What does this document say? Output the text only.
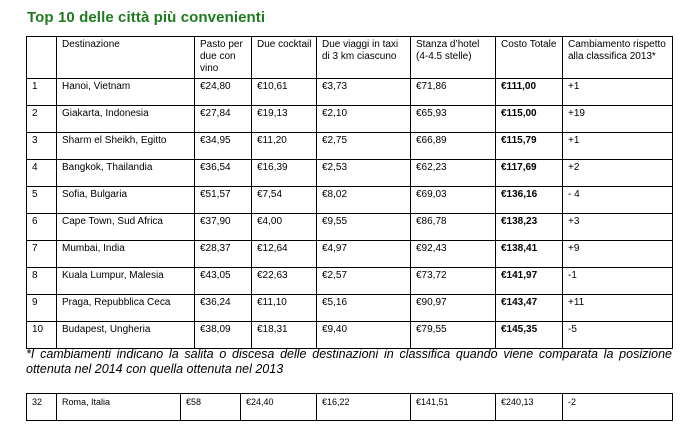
Top 10 delle città più convenienti
	Destinazione	Pasto per due con vino	Due cocktail	Due viaggi in taxi di 3 km ciascuno	Stanza d’hotel (4-4.5 stelle)	Costo Totale	Cambiamento rispetto alla classifica 2013*
1	Hanoi, Vietnam	€24,80	€10,61	€3,73	€71,86	€111,00	+1
2	Giakarta, Indonesia	€27,84	€19,13	€2,10	€65,93	€115,00	+19
3	Sharm el Sheikh, Egitto	€34,95	€11,20	€2,75	€66,89	€115,79	+1
4	Bangkok, Thailandia	€36,54	€16,39	€2,53	€62,23	€117,69	+2
5	Sofia, Bulgaria	€51,57	€7,54	€8,02	€69,03	€136,16	- 4
6	Cape Town, Sud Africa	€37,90	€4,00	€9,55	€86,78	€138,23	+3
7	Mumbai, India	€28,37	€12,64	€4,97	€92,43	€138,41	+9
8	Kuala Lumpur, Malesia	€43,05	€22,63	€2,57	€73,72	€141,97	-1
9	Praga, Repubblica Ceca	€36,24	€11,10	€5,16	€90,97	€143,47	+11
10	Budapest, Ungheria	€38,09	€18,31	€9,40	€79,55	€145,35	-5
*I cambiamenti indicano la salita o discesa delle destinazioni in classifica quando viene comparata la posizione ottenuta nel 2014 con quella ottenuta nel 2013
32	Roma, Italia	€58	€24,40	€16,22	€141,51	€240,13	-2
